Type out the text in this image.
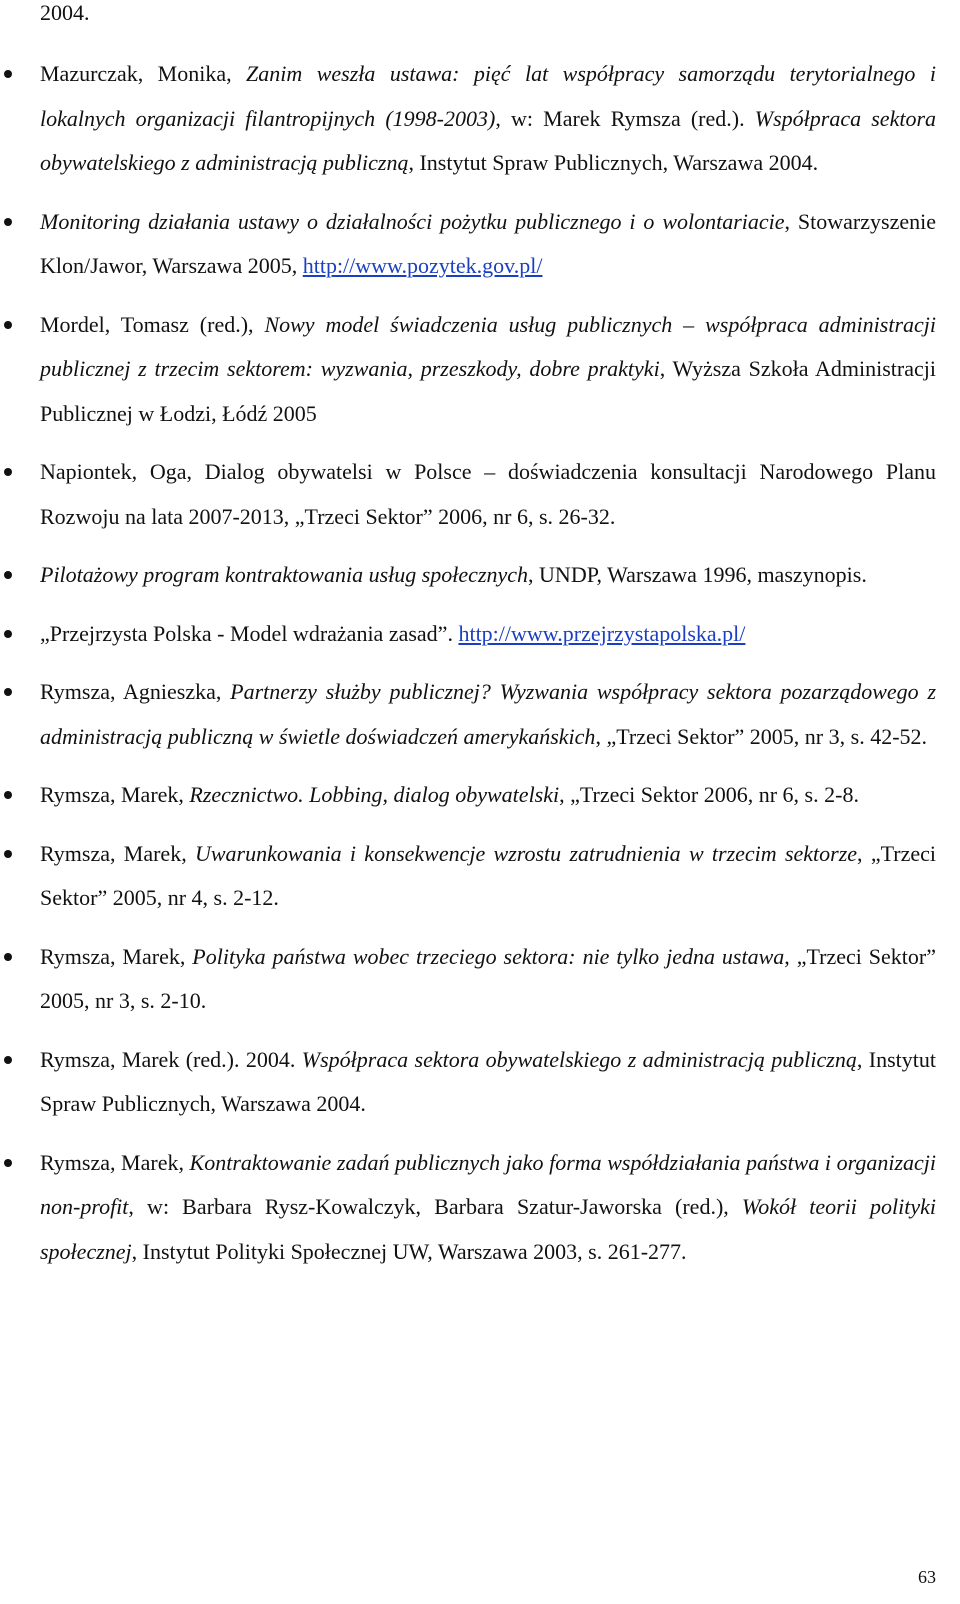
2004.
Mazurczak, Monika, Zanim weszła ustawa: pięć lat współpracy samorządu terytorialnego i lokalnych organizacji filantropijnych (1998-2003), w: Marek Rymsza (red.). Współpraca sektora obywatelskiego z administracją publiczną, Instytut Spraw Publicznych, Warszawa 2004.
Monitoring działania ustawy o działalności pożytku publicznego i o wolontariacie, Stowarzyszenie Klon/Jawor, Warszawa 2005, http://www.pozytek.gov.pl/
Mordel, Tomasz (red.), Nowy model świadczenia usług publicznych – współpraca administracji publicznej z trzecim sektorem: wyzwania, przeszkody, dobre praktyki, Wyższa Szkoła Administracji Publicznej w Łodzi, Łódź 2005
Napiontek, Oga, Dialog obywatelsi w Polsce – doświadczenia konsultacji Narodowego Planu Rozwoju na lata 2007-2013, „Trzeci Sektor” 2006, nr 6, s. 26-32.
Pilotażowy program kontraktowania usług społecznych, UNDP, Warszawa 1996, maszynopis.
„Przejrzysta Polska - Model wdrażania zasad”. http://www.przejrzystapolska.pl/
Rymsza, Agnieszka, Partnerzy służby publicznej? Wyzwania współpracy sektora pozarządowego z administracją publiczną w świetle doświadczeń amerykańskich, „Trzeci Sektor” 2005, nr 3, s. 42-52.
Rymsza, Marek, Rzecznictwo. Lobbing, dialog obywatelski, „Trzeci Sektor 2006, nr 6, s. 2-8.
Rymsza, Marek, Uwarunkowania i konsekwencje wzrostu zatrudnienia w trzecim sektorze, „Trzeci Sektor” 2005, nr 4, s. 2-12.
Rymsza, Marek, Polityka państwa wobec trzeciego sektora: nie tylko jedna ustawa, „Trzeci Sektor” 2005, nr 3, s. 2-10.
Rymsza, Marek (red.). 2004. Współpraca sektora obywatelskiego z administracją publiczną, Instytut Spraw Publicznych, Warszawa 2004.
Rymsza, Marek, Kontraktowanie zadań publicznych jako forma współdziałania państwa i organizacji non-profit, w: Barbara Rysz-Kowalczyk, Barbara Szatur-Jaworska (red.), Wokół teorii polityki społecznej, Instytut Polityki Społecznej UW, Warszawa 2003, s. 261-277.
63
